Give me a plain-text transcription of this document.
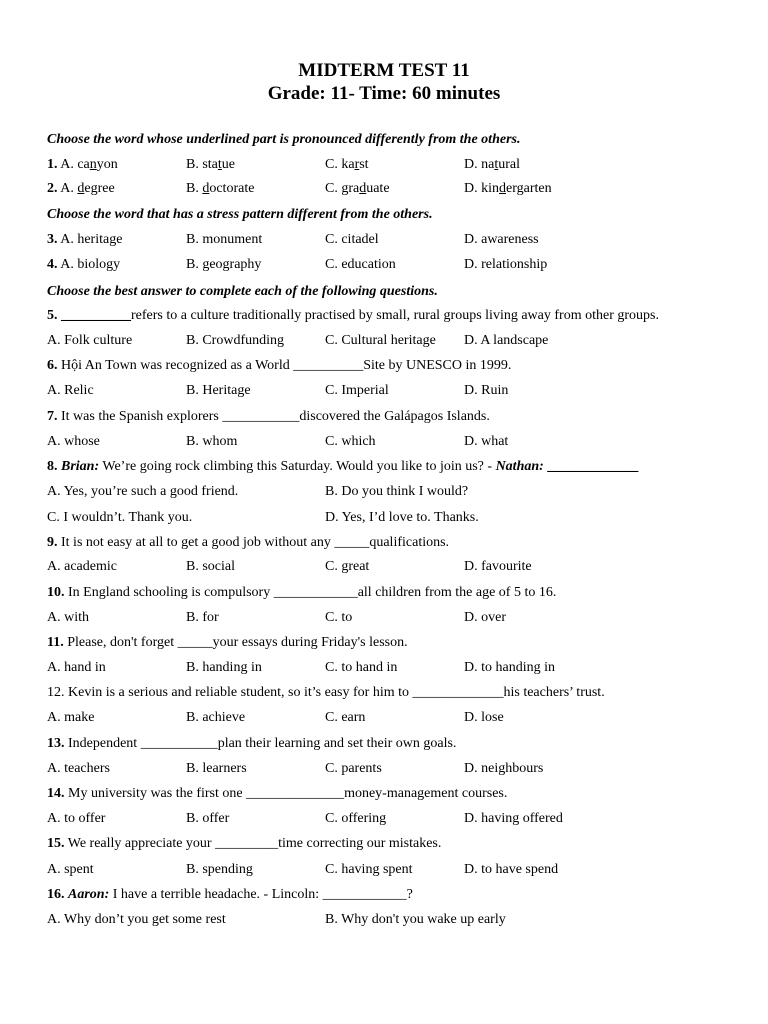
MIDTERM TEST 11
Grade: 11- Time: 60 minutes
Choose the word whose underlined part is pronounced differently from the others.
1. A. canyon	B. statue	C. karst	D. natural
2. A. degree	B. doctorate	C. graduate	D. kindergarten
Choose the word that has a stress pattern different from the others.
3. A. heritage	B. monument	C. citadel	D. awareness
4. A. biology	B. geography	C. education	D. relationship
Choose the best answer to complete each of the following questions.
5. __________refers to a culture traditionally practised by small, rural groups living away from other groups.
A. Folk culture	B. Crowdfunding	C. Cultural heritage D. A landscape
6. Hội An Town was recognized as a World __________Site by UNESCO in 1999.
A. Relic	B. Heritage	C. Imperial	D. Ruin
7. It was the Spanish explorers ___________discovered the Galápagos Islands.
A. whose	B. whom	C. which	D. what
8. Brian: We’re going rock climbing this Saturday. Would you like to join us? - Nathan: _____________
A. Yes, you’re such a good friend.	B. Do you think I would?
C. I wouldn’t. Thank you.	D. Yes, I’d love to. Thanks.
9. It is not easy at all to get a good job without any _____qualifications.
A. academic	B. social	C. great	D. favourite
10. In England schooling is compulsory ____________all children from the age of 5 to 16.
A. with	B. for	C. to	D. over
11. Please, don't forget _____your essays during Friday's lesson.
A. hand in	B. handing in	C. to hand in	D. to handing in
12. Kevin is a serious and reliable student, so it’s easy for him to _____________his teachers’ trust.
A. make	B. achieve	C. earn	D. lose
13. Independent ___________plan their learning and set their own goals.
A. teachers	B. learners	C. parents	D. neighbours
14. My university was the first one ______________money-management courses.
A. to offer	B. offer	C. offering	D. having offered
15. We really appreciate your _________time correcting our mistakes.
A. spent	B. spending	C. having spent	D. to have spend
16. Aaron: I have a terrible headache. - Lincoln: ____________?
A. Why don’t you get some rest	B. Why don't you wake up early
